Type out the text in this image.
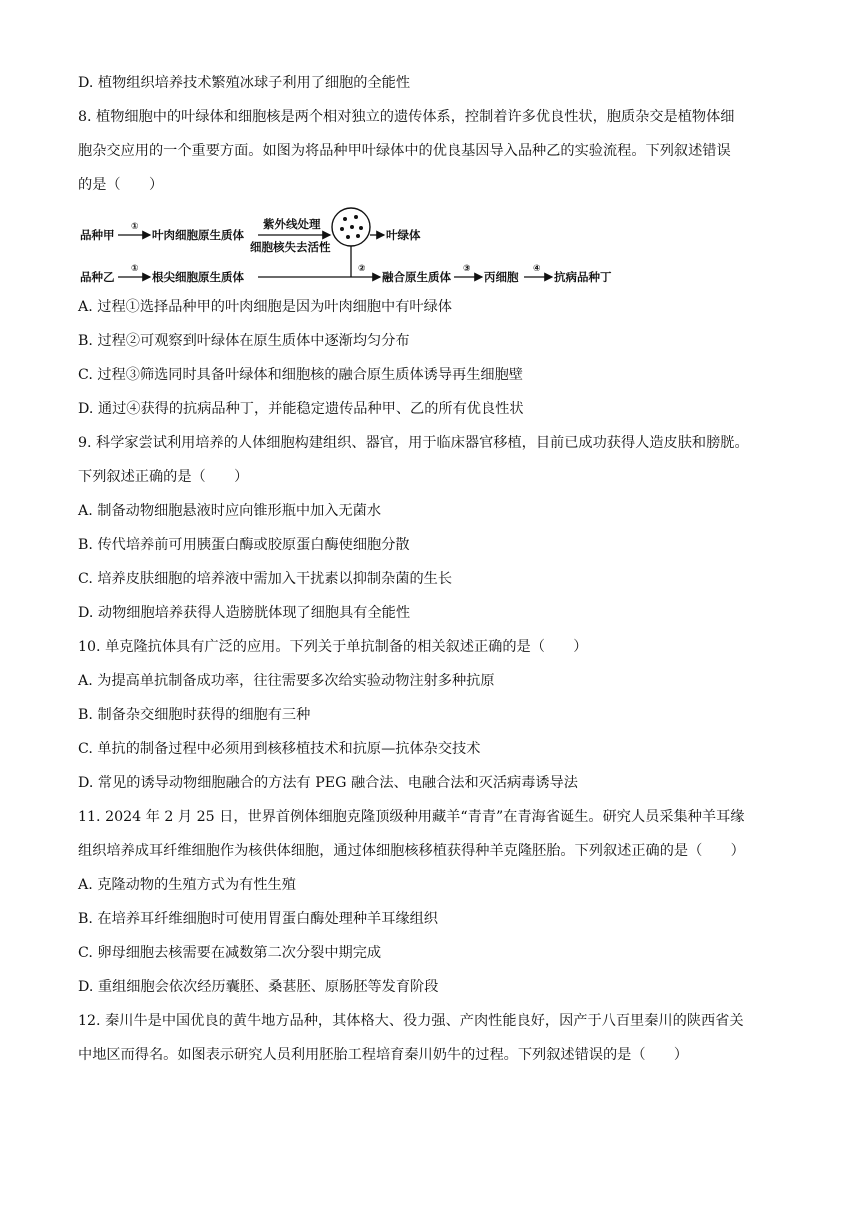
D. 植物组织培养技术繁殖冰球子利用了细胞的全能性
8. 植物细胞中的叶绿体和细胞核是两个相对独立的遗传体系，控制着许多优良性状，胞质杂交是植物体细
胞杂交应用的一个重要方面。如图为将品种甲叶绿体中的优良基因导入品种乙的实验流程。下列叙述错误
的是（　　）
A. 过程①选择品种甲的叶肉细胞是因为叶肉细胞中有叶绿体
B. 过程②可观察到叶绿体在原生质体中逐渐均匀分布
C. 过程③筛选同时具备叶绿体和细胞核的融合原生质体诱导再生细胞壁
D. 通过④获得的抗病品种丁，并能稳定遗传品种甲、乙的所有优良性状
9. 科学家尝试利用培养的人体细胞构建组织、器官，用于临床器官移植，目前已成功获得人造皮肤和膀胱。
下列叙述正确的是（　　）
A. 制备动物细胞悬液时应向锥形瓶中加入无菌水
B. 传代培养前可用胰蛋白酶或胶原蛋白酶使细胞分散
C. 培养皮肤细胞的培养液中需加入干扰素以抑制杂菌的生长
D. 动物细胞培养获得人造膀胱体现了细胞具有全能性
10. 单克隆抗体具有广泛的应用。下列关于单抗制备的相关叙述正确的是（　　）
A. 为提高单抗制备成功率，往往需要多次给实验动物注射多种抗原
B. 制备杂交细胞时获得的细胞有三种
C. 单抗的制备过程中必须用到核移植技术和抗原—抗体杂交技术
D. 常见的诱导动物细胞融合的方法有 PEG 融合法、电融合法和灭活病毒诱导法
11. 2024 年 2 月 25 日，世界首例体细胞克隆顶级种用藏羊“青青”在青海省诞生。研究人员采集种羊耳缘
组织培养成耳纤维细胞作为核供体细胞，通过体细胞核移植获得种羊克隆胚胎。下列叙述正确的是（　　）
A. 克隆动物的生殖方式为有性生殖
B. 在培养耳纤维细胞时可使用胃蛋白酶处理种羊耳缘组织
C. 卵母细胞去核需要在减数第二次分裂中期完成
D. 重组细胞会依次经历囊胚、桑葚胚、原肠胚等发育阶段
12. 秦川牛是中国优良的黄牛地方品种，其体格大、役力强、产肉性能良好，因产于八百里秦川的陕西省关
中地区而得名。如图表示研究人员利用胚胎工程培育秦川奶牛的过程。下列叙述错误的是（　　）
品种甲
①
叶肉细胞原生质体
紫外线处理
细胞核失去活性
叶绿体
品种乙
①
根尖细胞原生质体
②
融合原生质体
③
丙细胞
④
抗病品种丁
